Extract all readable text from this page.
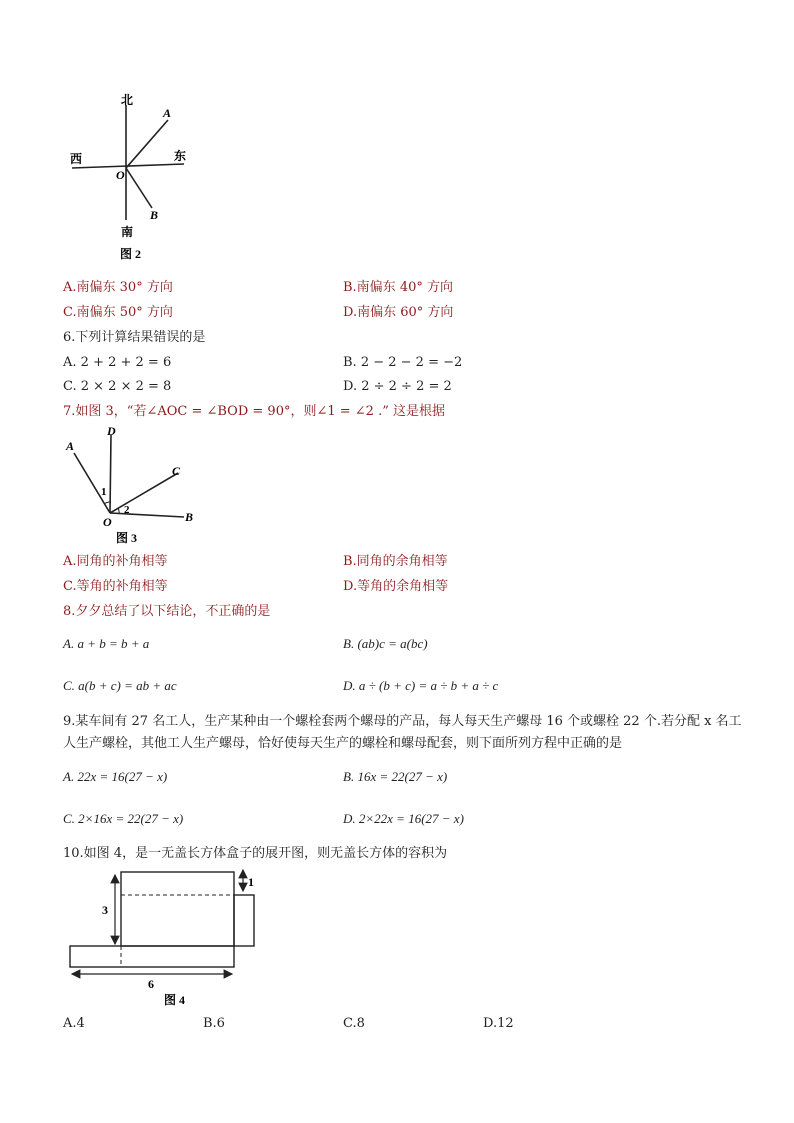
北
南
西	东
A
B
O
图 2
A.南偏东 30° 方向	B.南偏东 40° 方向
C.南偏东 50° 方向	D.南偏东 60° 方向
6.下列计算结果错误的是
A. 2 + 2 + 2 = 6	B. 2 − 2 − 2 = −2
C. 2 × 2 × 2 = 8	D. 2 ÷ 2 ÷ 2 = 2
7.如图 3，“若∠AOC = ∠BOD = 90°，则∠1 = ∠2 .” 这是根据
A
D
C
B
O
1
2
图 3
A.同角的补角相等	B.同角的余角相等
C.等角的补角相等	D.等角的余角相等
8.夕夕总结了以下结论，不正确的是
A. a + b = b + a	B. (ab)c = a(bc)
C. a(b + c) = ab + ac	D. a ÷ (b + c) = a ÷ b + a ÷ c
9.某车间有 27 名工人，生产某种由一个螺栓套两个螺母的产品，每人每天生产螺母 16 个或螺栓 22 个.若分配 x 名工人生产螺栓，其他工人生产螺母，恰好使每天生产的螺栓和螺母配套，则下面所列方程中正确的是
A. 22x = 16(27 − x)	B. 16x = 22(27 − x)
C. 2×16x = 22(27 − x)	D. 2×22x = 16(27 − x)
10.如图 4，是一无盖长方体盒子的展开图，则无盖长方体的容积为
3
1
6
图 4
A.4	B.6	C.8	D.12
